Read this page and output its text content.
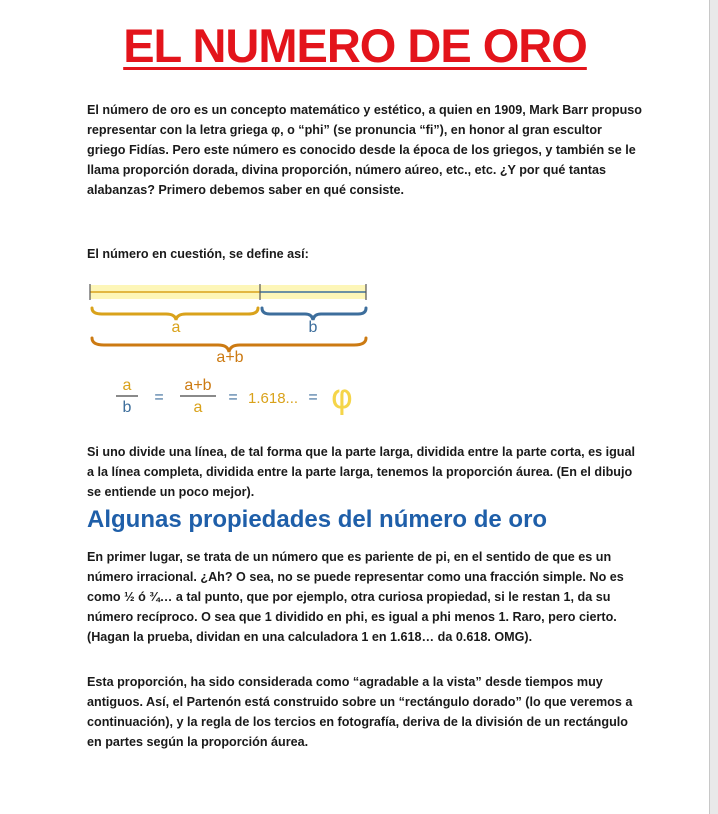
EL NUMERO DE ORO

El número de oro es un concepto matemático y estético, a quien en 1909, Mark Barr propuso representar con la letra griega φ, o “phi” (se pronuncia “fi”), en honor al gran escultor griego Fidías. Pero este número es conocido desde la época de los griegos, y también se le llama proporción dorada, divina proporción, número aúreo, etc., etc. ¿Y por qué tantas alabanzas? Primero debemos saber en qué consiste.

El número en cuestión, se define así:

a	b
a+b
a
b
=
a+b
a
= 1.618... = φ

Si uno divide una línea, de tal forma que la parte larga, dividida entre la parte corta, es igual a la línea completa, dividida entre la parte larga, tenemos la proporción áurea. (En el dibujo se entiende un poco mejor).

Algunas propiedades del número de oro

En primer lugar, se trata de un número que es pariente de pi, en el sentido de que es un número irracional. ¿Ah? O sea, no se puede representar como una fracción simple. No es como ½ ó ¾… a tal punto, que por ejemplo, otra curiosa propiedad, si le restan 1, da su número recíproco. O sea que 1 dividido en phi, es igual a phi menos 1. Raro, pero cierto. (Hagan la prueba, dividan en una calculadora 1 en 1.618… da 0.618. OMG).

Esta proporción, ha sido considerada como “agradable a la vista” desde tiempos muy antiguos. Así, el Partenón está construido sobre un “rectángulo dorado” (lo que veremos a continuación), y la regla de los tercios en fotografía, deriva de la división de un rectángulo en partes según la proporción áurea.
